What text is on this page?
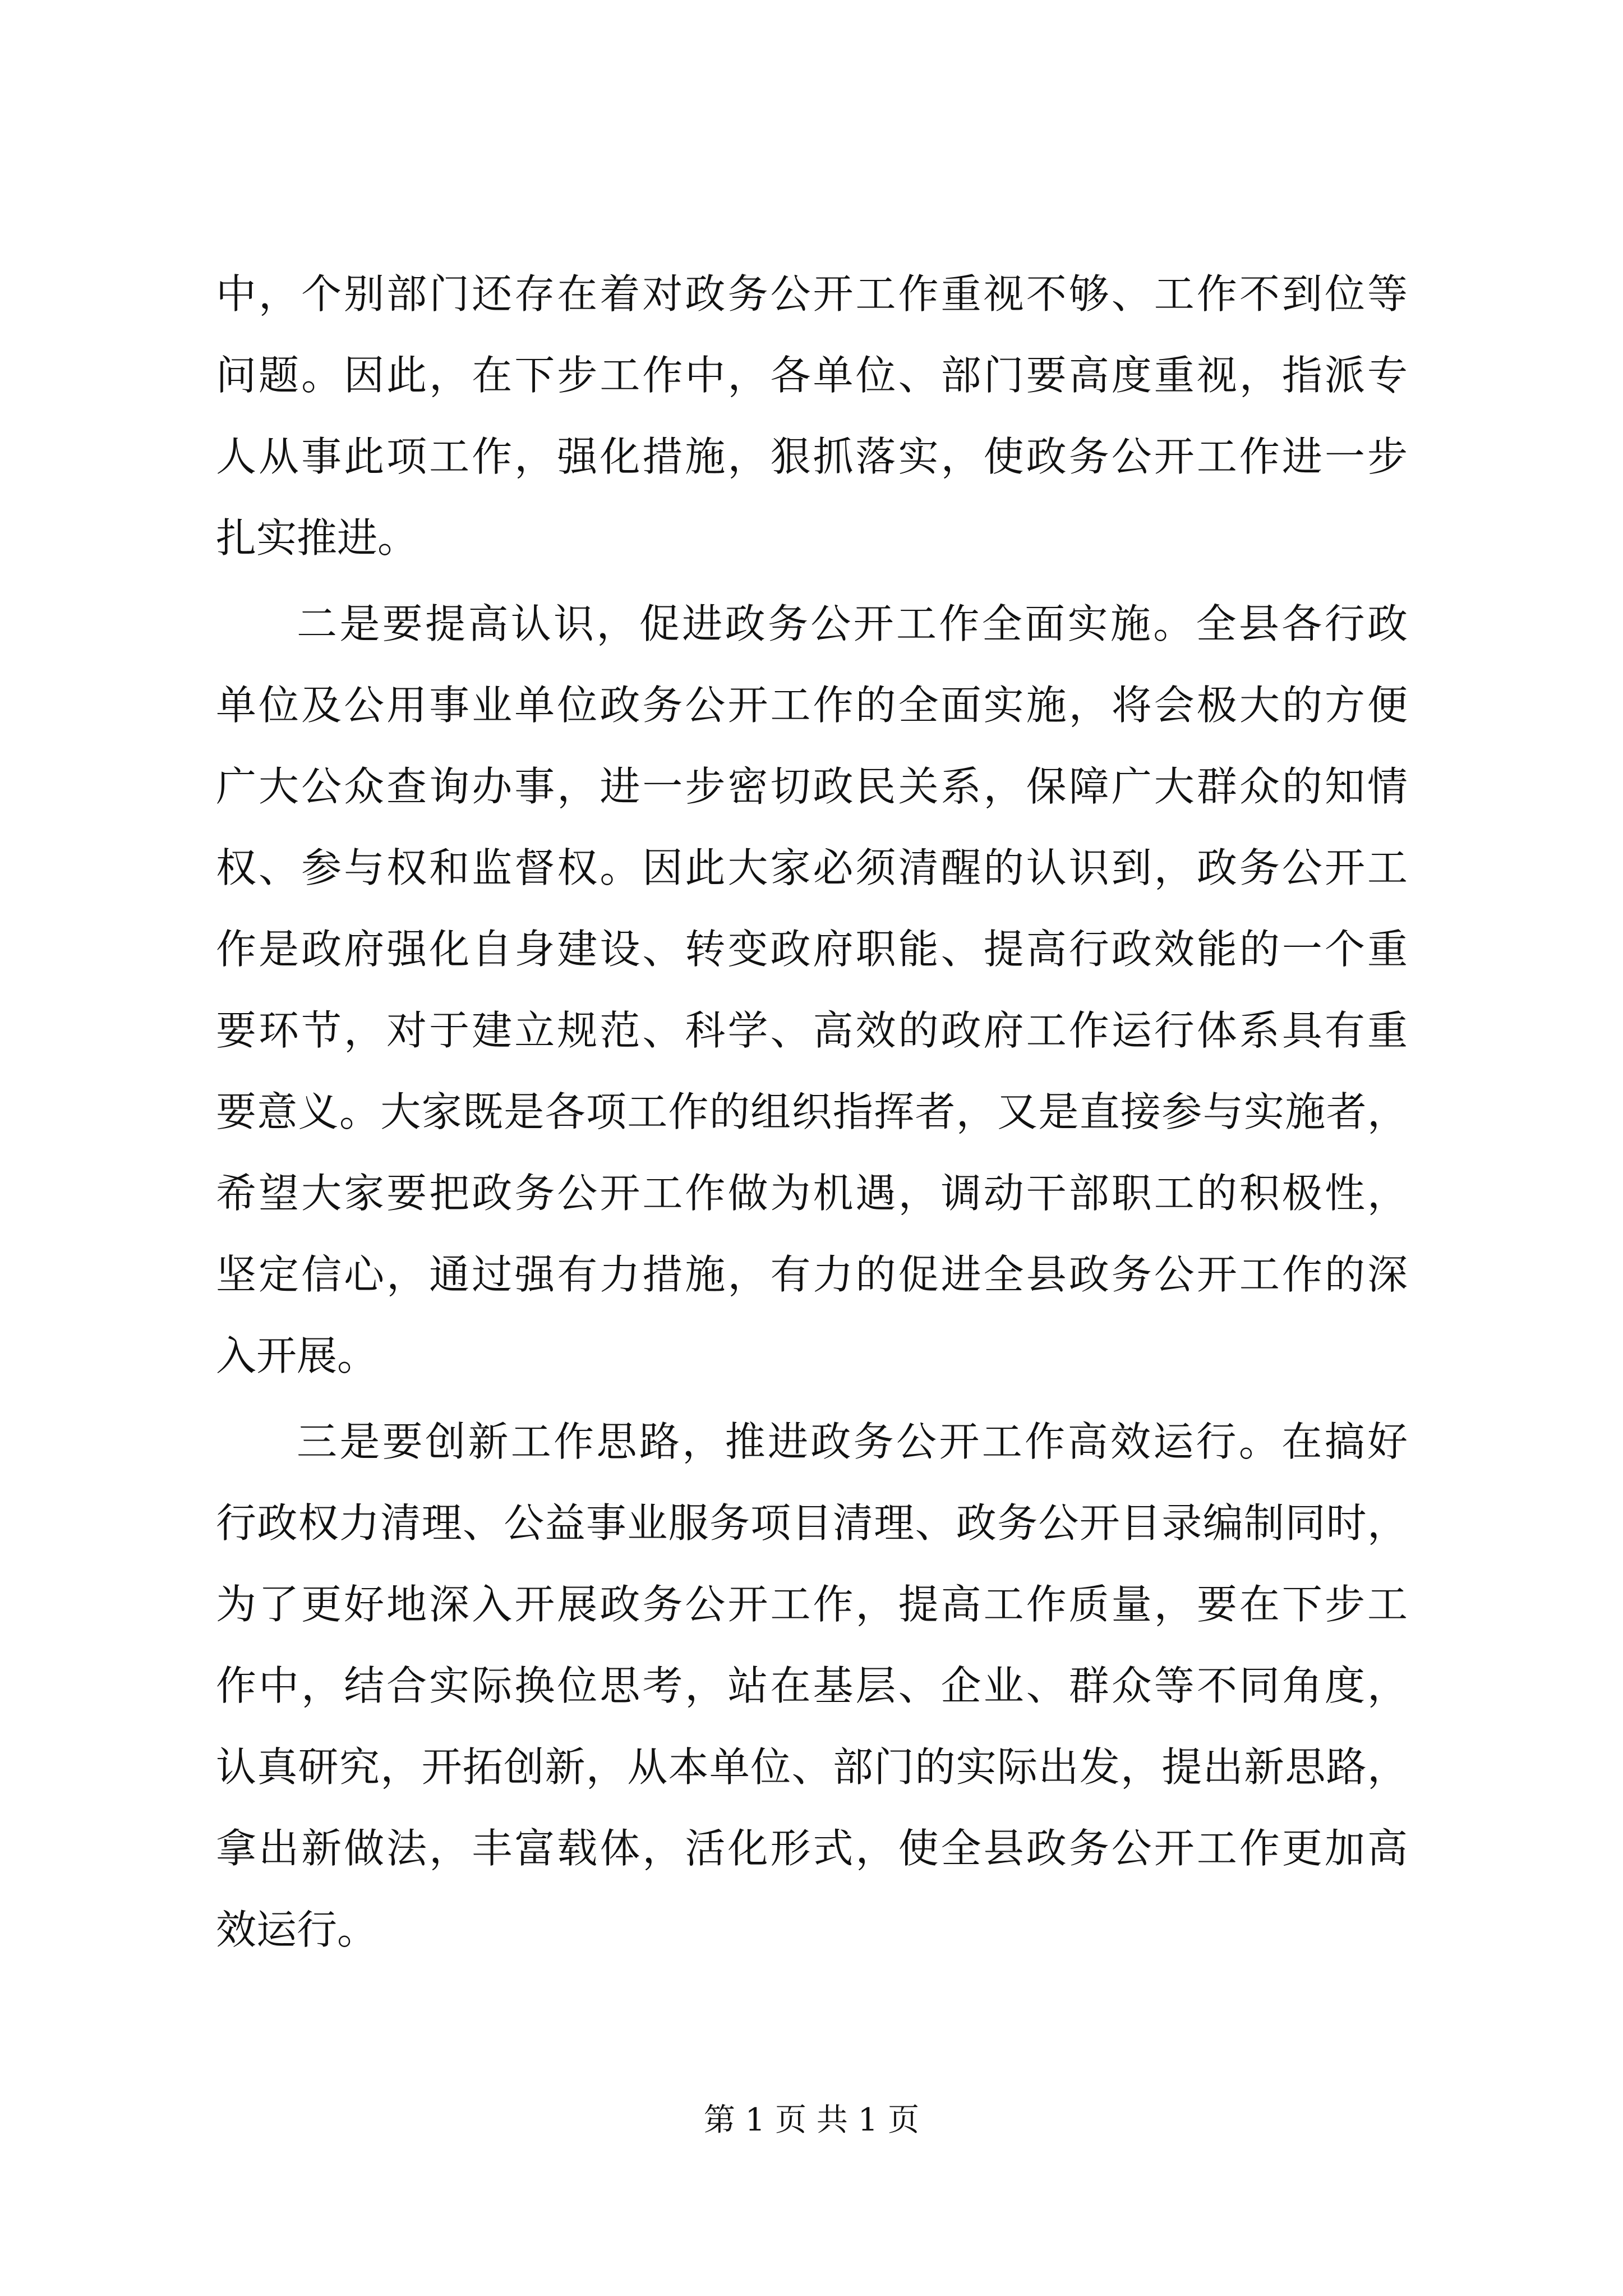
中，个别部门还存在着对政务公开工作重视不够、工作不到位等
问题。因此，在下步工作中，各单位、部门要高度重视，指派专
人从事此项工作，强化措施，狠抓落实，使政务公开工作进一步
扎实推进。
二是要提高认识，促进政务公开工作全面实施。全县各行政
单位及公用事业单位政务公开工作的全面实施，将会极大的方便
广大公众查询办事，进一步密切政民关系，保障广大群众的知情
权、参与权和监督权。因此大家必须清醒的认识到，政务公开工
作是政府强化自身建设、转变政府职能、提高行政效能的一个重
要环节，对于建立规范、科学、高效的政府工作运行体系具有重
要意义。大家既是各项工作的组织指挥者，又是直接参与实施者，
希望大家要把政务公开工作做为机遇，调动干部职工的积极性，
坚定信心，通过强有力措施，有力的促进全县政务公开工作的深
入开展。
三是要创新工作思路，推进政务公开工作高效运行。在搞好
行政权力清理、公益事业服务项目清理、政务公开目录编制同时，
为了更好地深入开展政务公开工作，提高工作质量，要在下步工
作中，结合实际换位思考，站在基层、企业、群众等不同角度，
认真研究，开拓创新，从本单位、部门的实际出发，提出新思路，
拿出新做法，丰富载体，活化形式，使全县政务公开工作更加高
效运行。
第 1 页 共 1 页
